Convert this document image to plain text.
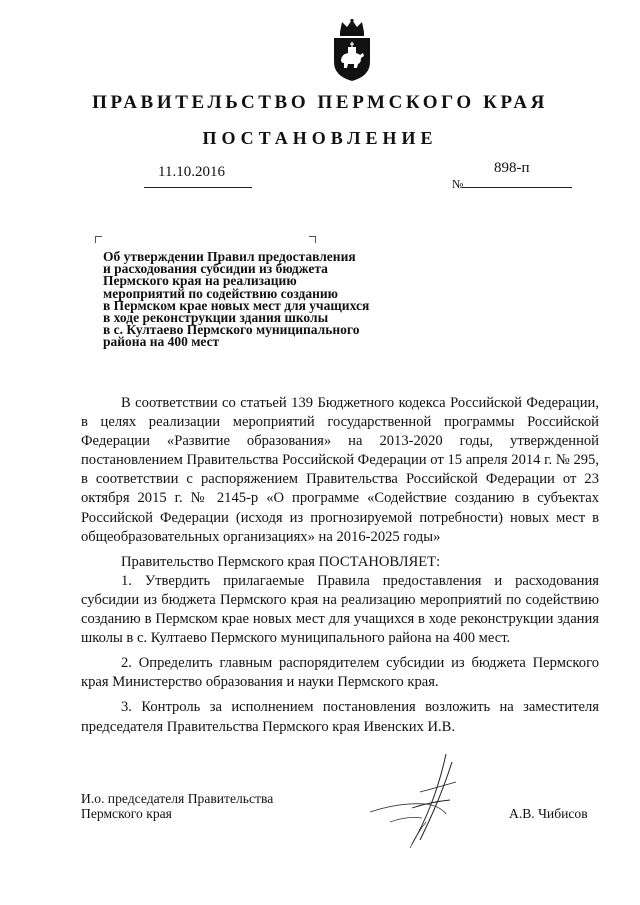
ПРАВИТЕЛЬСТВО ПЕРМСКОГО КРАЯ
ПОСТАНОВЛЕНИЕ
11.10.2016	898-п
№
Об утверждении Правил предоставления
и расходования субсидии из бюджета
Пермского края на реализацию
мероприятий по содействию созданию
в Пермском крае новых мест для учащихся
в ходе реконструкции здания школы
в с. Култаево Пермского муниципального
района на 400 мест

В соответствии со статьей 139 Бюджетного кодекса Российской Федерации, в целях реализации мероприятий государственной программы Российской Федерации «Развитие образования» на 2013-2020 годы, утвержденной постановлением Правительства Российской Федерации от 15 апреля 2014 г. № 295, в соответствии с распоряжением Правительства Российской Федерации от 23 октября 2015 г. № 2145-р «О программе «Содействие созданию в субъектах Российской Федерации (исходя из прогнозируемой потребности) новых мест в общеобразовательных организациях» на 2016-2025 годы»

Правительство Пермского края ПОСТАНОВЛЯЕТ:

1. Утвердить прилагаемые Правила предоставления и расходования субсидии из бюджета Пермского края на реализацию мероприятий по содействию созданию в Пермском крае новых мест для учащихся в ходе реконструкции здания школы в с. Култаево Пермского муниципального района на 400 мест.

2. Определить главным распорядителем субсидии из бюджета Пермского края Министерство образования и науки Пермского края.

3. Контроль за исполнением постановления возложить на заместителя председателя Правительства Пермского края Ивенских И.В.

И.о. председателя Правительства
Пермского края	А.В. Чибисов
